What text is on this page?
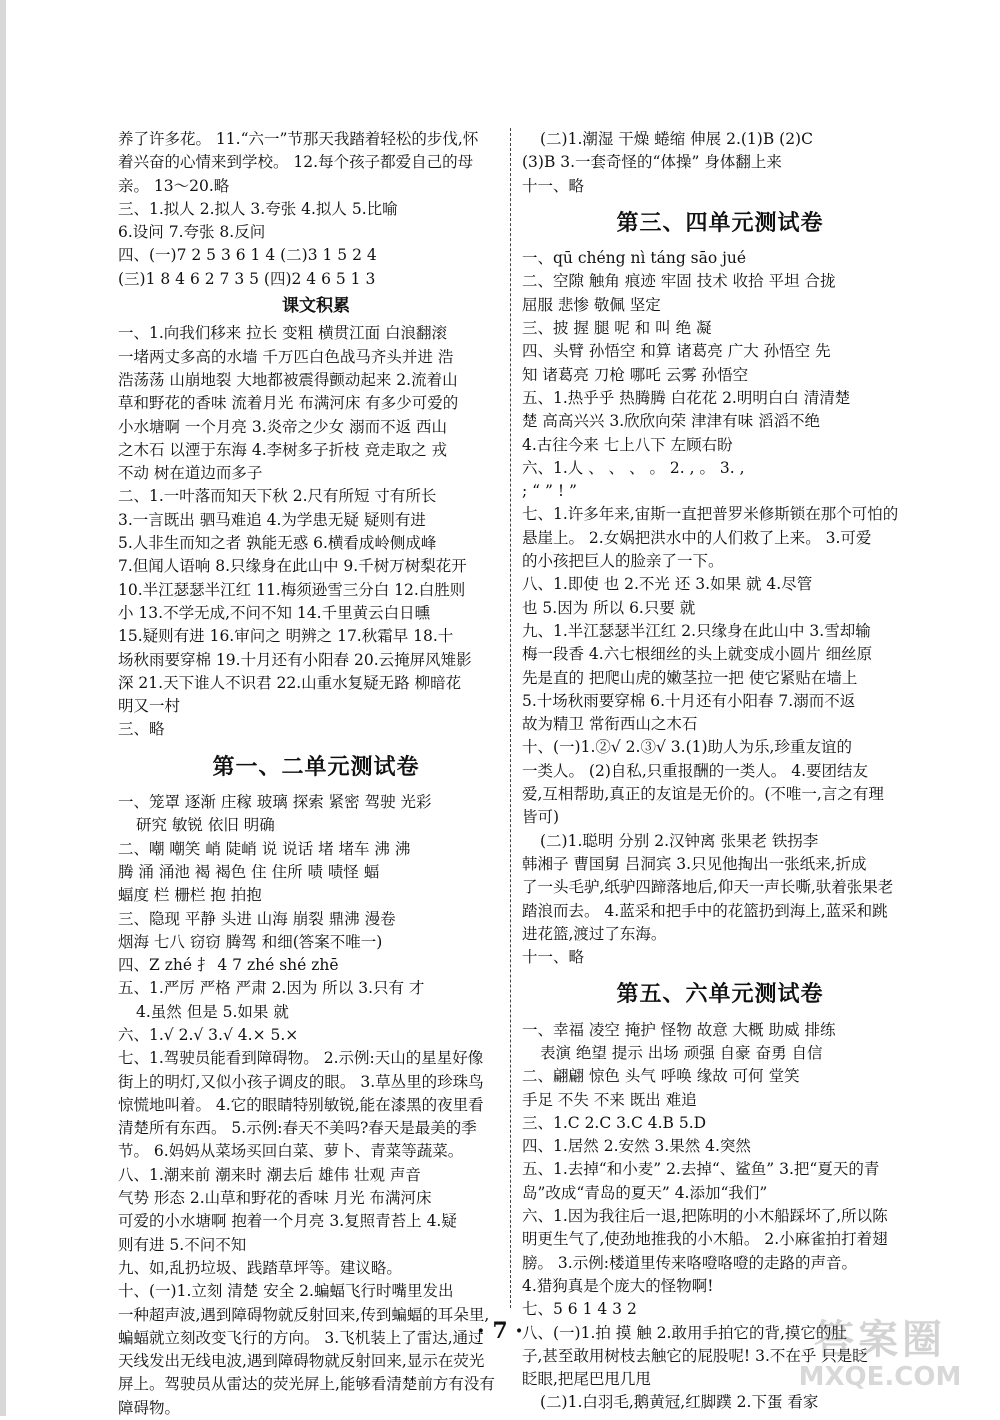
养了许多花。 11.“六一”节那天我踏着轻松的步伐,怀
着兴奋的心情来到学校。 12.每个孩子都爱自己的母
亲。 13～20.略
三、1.拟人 2.拟人 3.夸张 4.拟人 5.比喻
6.设问 7.夸张 8.反问
四、(一)7 2 5 3 6 1 4 (二)3 1 5 2 4
(三)1 8 4 6 2 7 3 5 (四)2 4 6 5 1 3
课文积累
一、1.向我们移来 拉长 变粗 横贯江面 白浪翻滚
一堵两丈多高的水墙 千万匹白色战马齐头并进 浩
浩荡荡 山崩地裂 大地都被震得颤动起来 2.流着山
草和野花的香味 流着月光 布满河床 有多少可爱的
小水塘啊 一个月亮 3.炎帝之少女 溺而不返 西山
之木石 以湮于东海 4.李树多子折枝 竞走取之 戎
不动 树在道边而多子
二、1.一叶落而知天下秋 2.尺有所短 寸有所长
3.一言既出 驷马难追 4.为学患无疑 疑则有进
5.人非生而知之者 孰能无惑 6.横看成岭侧成峰
7.但闻人语响 8.只缘身在此山中 9.千树万树梨花开
10.半江瑟瑟半江红 11.梅须逊雪三分白 12.白胜则
小 13.不学无成,不问不知 14.千里黄云白日曛
15.疑则有进 16.审问之 明辨之 17.秋霜早 18.十
场秋雨要穿棉 19.十月还有小阳春 20.云掩屏风雉影
深 21.天下谁人不识君 22.山重水复疑无路 柳暗花
明又一村
三、略
第一、二单元测试卷
一、笼罩 逐渐 庄稼 玻璃 探索 紧密 驾驶 光彩
研究 敏锐 依旧 明确
二、嘲 嘲笑 峭 陡峭 说 说话 堵 堵车 沸 沸
腾 涌 涌池 褐 褐色 住 住所 啧 啧怪 蝠
蝠度 栏 栅栏 抱 拍抱
三、隐现 平静 头进 山海 崩裂 鼎沸 漫卷
烟海 七八 窃窃 腾驾 和细(答案不唯一)
四、Z zhé 扌 4 7 zhé shé zhē
五、1.严厉 严格 严肃 2.因为 所以 3.只有 才
4.虽然 但是 5.如果 就
六、1.√ 2.√ 3.√ 4.× 5.×
七、1.驾驶员能看到障碍物。 2.示例:天山的星星好像
街上的明灯,又似小孩子调皮的眼。 3.草丛里的珍珠鸟
惊慌地叫着。 4.它的眼睛特别敏锐,能在漆黑的夜里看
清楚所有东西。 5.示例:春天不美吗?春天是最美的季
节。 6.妈妈从菜场买回白菜、萝卜、青菜等蔬菜。
八、1.潮来前 潮来时 潮去后 雄伟 壮观 声音
气势 形态 2.山草和野花的香味 月光 布满河床
可爱的小水塘啊 抱着一个月亮 3.复照青苔上 4.疑
则有进 5.不问不知
九、如,乱扔垃圾、践踏草坪等。建议略。
十、(一)1.立刻 清楚 安全 2.蝙蝠飞行时嘴里发出
一种超声波,遇到障碍物就反射回来,传到蝙蝠的耳朵里,
蝙蝠就立刻改变飞行的方向。 3.飞机装上了雷达,通过
天线发出无线电波,遇到障碍物就反射回来,显示在荧光
屏上。驾驶员从雷达的荧光屏上,能够看清楚前方有没有
障碍物。
(二)1.潮湿 干燥 蜷缩 伸展 2.(1)B (2)C
(3)B 3.一套奇怪的“体操” 身体翻上来
十一、略
第三、四单元测试卷
一、qū chéng nì táng sāo jué
二、空隙 触角 痕迹 牢固 技术 收拾 平坦 合拢
屈服 悲惨 敬佩 坚定
三、披 握 腿 呢 和 叫 绝 凝
四、头臂 孙悟空 和算 诸葛亮 广大 孙悟空 先
知 诸葛亮 刀枪 哪吒 云雾 孙悟空
五、1.热乎乎 热腾腾 白花花 2.明明白白 清清楚
楚 高高兴兴 3.欣欣向荣 津津有味 滔滔不绝
4.古往今来 七上八下 左顾右盼
六、1.人 、 、 、 。 2. , 。 3. ,
; “ ” ! ”
七、1.许多年来,宙斯一直把普罗米修斯锁在那个可怕的
悬崖上。 2.女娲把洪水中的人们救了上来。 3.可爱
的小孩把巨人的脸亲了一下。
八、1.即使 也 2.不光 还 3.如果 就 4.尽管
也 5.因为 所以 6.只要 就
九、1.半江瑟瑟半江红 2.只缘身在此山中 3.雪却输
梅一段香 4.六七根细丝的头上就变成小圆片 细丝原
先是直的 把爬山虎的嫩茎拉一把 使它紧贴在墙上
5.十场秋雨要穿棉 6.十月还有小阳春 7.溺而不返
故为精卫 常衔西山之木石
十、(一)1.②√ 2.③√ 3.(1)助人为乐,珍重友谊的
一类人。 (2)自私,只重报酬的一类人。 4.要团结友
爱,互相帮助,真正的友谊是无价的。(不唯一,言之有理
皆可)
(二)1.聪明 分别 2.汉钟离 张果老 铁拐李
韩湘子 曹国舅 吕洞宾 3.只见他掏出一张纸来,折成
了一头毛驴,纸驴四蹄落地后,仰天一声长嘶,驮着张果老
踏浪而去。 4.蓝采和把手中的花篮扔到海上,蓝采和跳
进花篮,渡过了东海。
十一、略
第五、六单元测试卷
一、幸福 凌空 掩护 怪物 故意 大概 助威 排练
表演 绝望 提示 出场 顽强 自豪 奋勇 自信
二、翩翩 惊色 头气 呼唤 缘故 可何 堂笑
手足 不失 不来 既出 难追
三、1.C 2.C 3.C 4.B 5.D
四、1.居然 2.安然 3.果然 4.突然
五、1.去掉“和小麦” 2.去掉“、鲨鱼” 3.把“夏天的青
岛”改成“青岛的夏天” 4.添加“我们”
六、1.因为我往后一退,把陈明的小木船踩坏了,所以陈
明更生气了,使劲地推我的小木船。 2.小麻雀拍打着翅
膀。 3.示例:楼道里传来咯噔咯噔的走路的声音。
4.猎狗真是个庞大的怪物啊!
七、5 6 1 4 3 2
八、(一)1.拍 摸 触 2.敢用手拍它的背,摸它的肚
子,甚至敢用树枝去触它的屁股呢! 3.不在乎 只是眨
眨眼,把尾巴甩几甩
(二)1.白羽毛,鹅黄冠,红脚蹼 2.下蛋 看家
· 7 ·	答案圈
MXQE.COM
